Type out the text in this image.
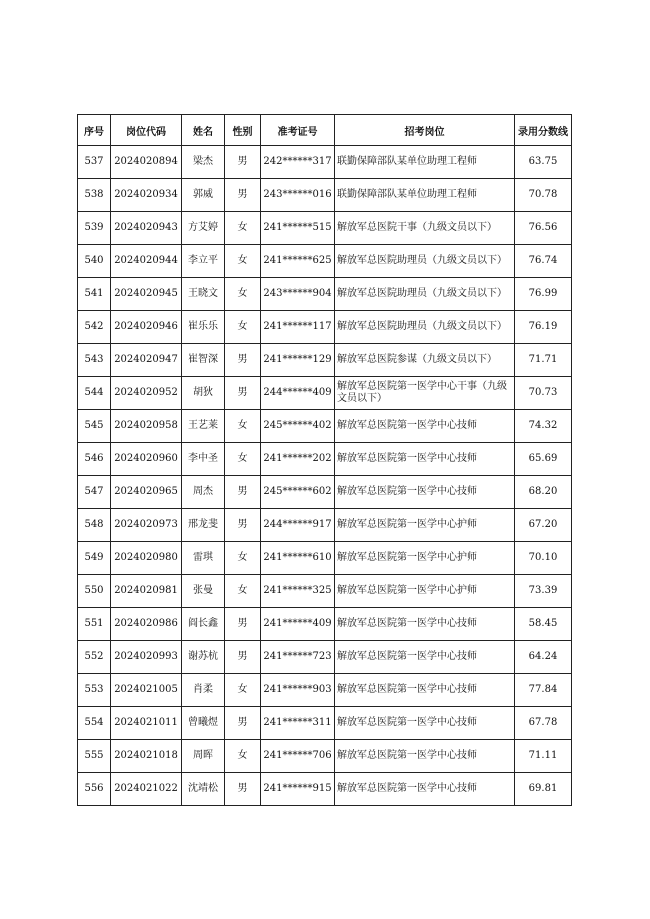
序号	岗位代码	姓名	性别	准考证号	招考岗位	录用分数线
537	2024020894	梁杰	男	242******317	联勤保障部队某单位助理工程师	63.75
538	2024020934	郭威	男	243******016	联勤保障部队某单位助理工程师	70.78
539	2024020943	方艾婷	女	241******515	解放军总医院干事（九级文员以下）	76.56
540	2024020944	李立平	女	241******625	解放军总医院助理员（九级文员以下）	76.74
541	2024020945	王晓文	女	243******904	解放军总医院助理员（九级文员以下）	76.99
542	2024020946	崔乐乐	女	241******117	解放军总医院助理员（九级文员以下）	76.19
543	2024020947	崔智深	男	241******129	解放军总医院参谋（九级文员以下）	71.71
544	2024020952	胡狄	男	244******409	解放军总医院第一医学中心干事（九级文员以下）	70.73
545	2024020958	王艺莱	女	245******402	解放军总医院第一医学中心技师	74.32
546	2024020960	李中圣	女	241******202	解放军总医院第一医学中心技师	65.69
547	2024020965	周杰	男	245******602	解放军总医院第一医学中心技师	68.20
548	2024020973	邢龙斐	男	244******917	解放军总医院第一医学中心护师	67.20
549	2024020980	雷琪	女	241******610	解放军总医院第一医学中心护师	70.10
550	2024020981	张曼	女	241******325	解放军总医院第一医学中心护师	73.39
551	2024020986	阎长鑫	男	241******409	解放军总医院第一医学中心技师	58.45
552	2024020993	谢苏杭	男	241******723	解放军总医院第一医学中心技师	64.24
553	2024021005	肖柔	女	241******903	解放军总医院第一医学中心技师	77.84
554	2024021011	曾曦煜	男	241******311	解放军总医院第一医学中心技师	67.78
555	2024021018	周晖	女	241******706	解放军总医院第一医学中心技师	71.11
556	2024021022	沈靖松	男	241******915	解放军总医院第一医学中心技师	69.81
